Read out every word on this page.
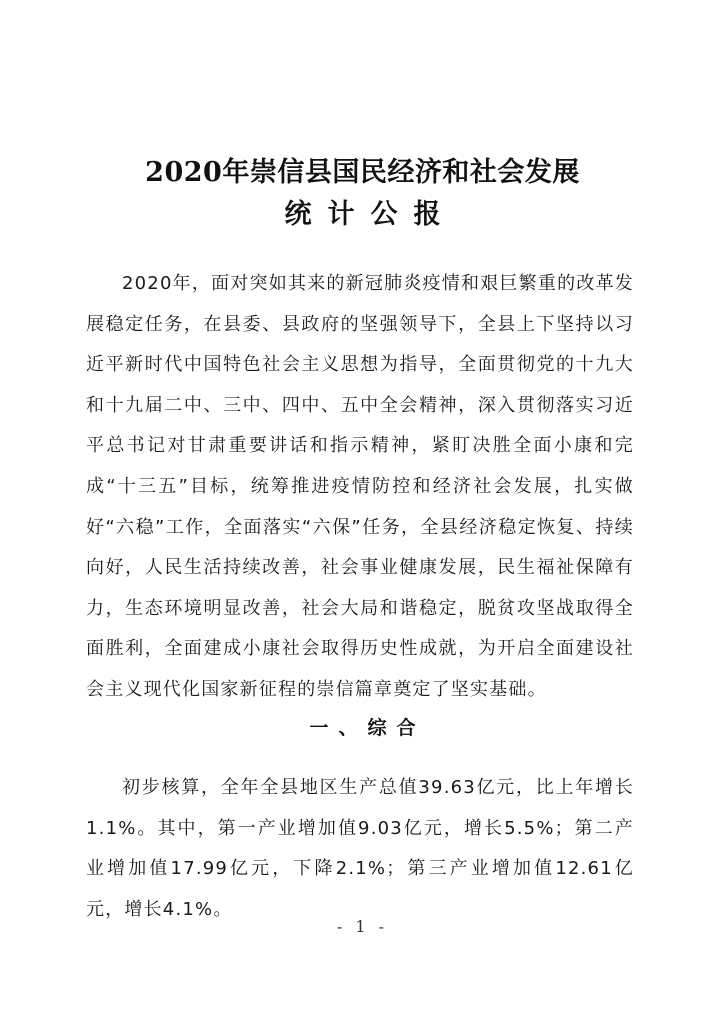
2020年崇信县国民经济和社会发展
统计公报

2020年，面对突如其来的新冠肺炎疫情和艰巨繁重的改革发展稳定任务，在县委、县政府的坚强领导下，全县上下坚持以习近平新时代中国特色社会主义思想为指导，全面贯彻党的十九大和十九届二中、三中、四中、五中全会精神，深入贯彻落实习近平总书记对甘肃重要讲话和指示精神，紧盯决胜全面小康和完成“十三五”目标，统筹推进疫情防控和经济社会发展，扎实做好“六稳”工作，全面落实“六保”任务，全县经济稳定恢复、持续向好，人民生活持续改善，社会事业健康发展，民生福祉保障有力，生态环境明显改善，社会大局和谐稳定，脱贫攻坚战取得全面胜利，全面建成小康社会取得历史性成就，为开启全面建设社会主义现代化国家新征程的崇信篇章奠定了坚实基础。

一、综合

初步核算，全年全县地区生产总值39.63亿元，比上年增长1.1%。其中，第一产业增加值9.03亿元，增长5.5%；第二产业增加值17.99亿元，下降2.1%；第三产业增加值12.61亿元，增长4.1%。

- 1 -
